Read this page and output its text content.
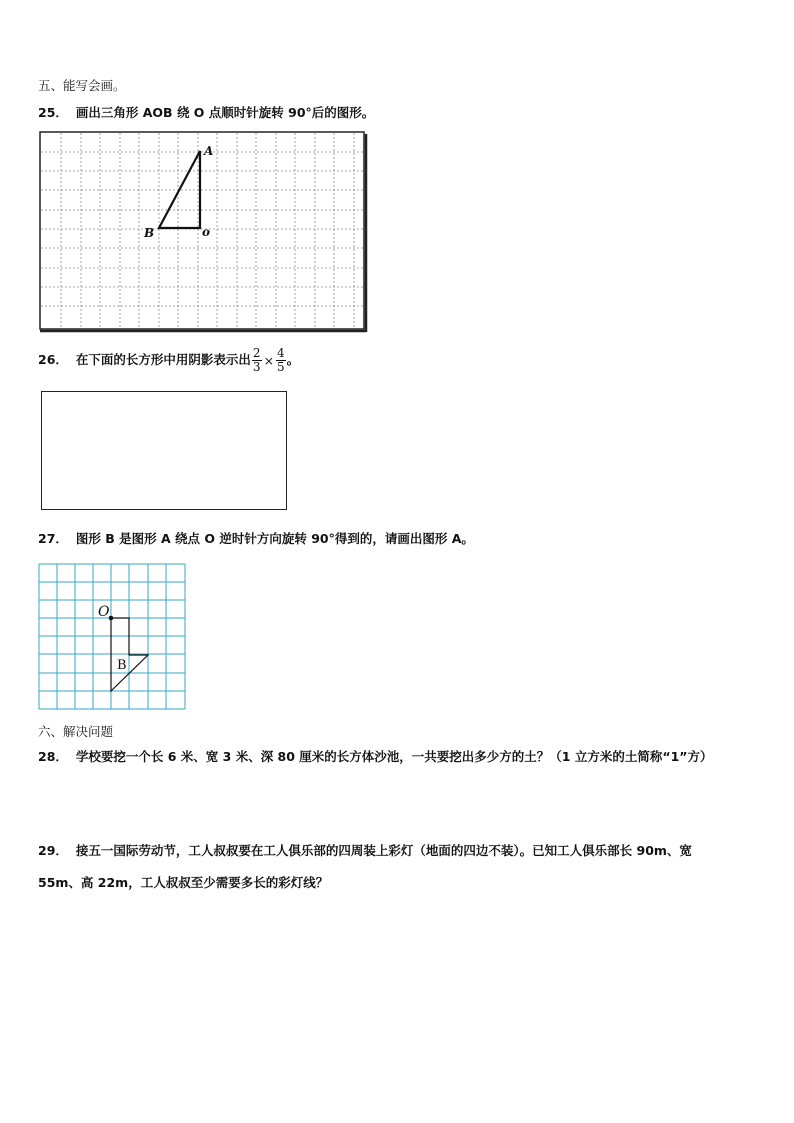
五、能写会画。
25． 画出三角形 AOB 绕 O 点顺时针旋转 90°后的图形。
A
B	o
26． 在下面的长方形中用阴影表示出 $\frac{2}{3} \times \frac{4}{5}$ 。
27． 图形 B 是图形 A 绕点 O 逆时针方向旋转 90°得到的，请画出图形 A。
O
B
六、解决问题
28． 学校要挖一个长 6 米、宽 3 米、深 80 厘米的长方体沙池，一共要挖出多少方的土？（1 立方米的土简称“1”方）
29． 接五一国际劳动节，工人叔叔要在工人俱乐部的四周装上彩灯（地面的四边不装）。已知工人俱乐部长 90m、宽
55m、高 22m，工人叔叔至少需要多长的彩灯线？
